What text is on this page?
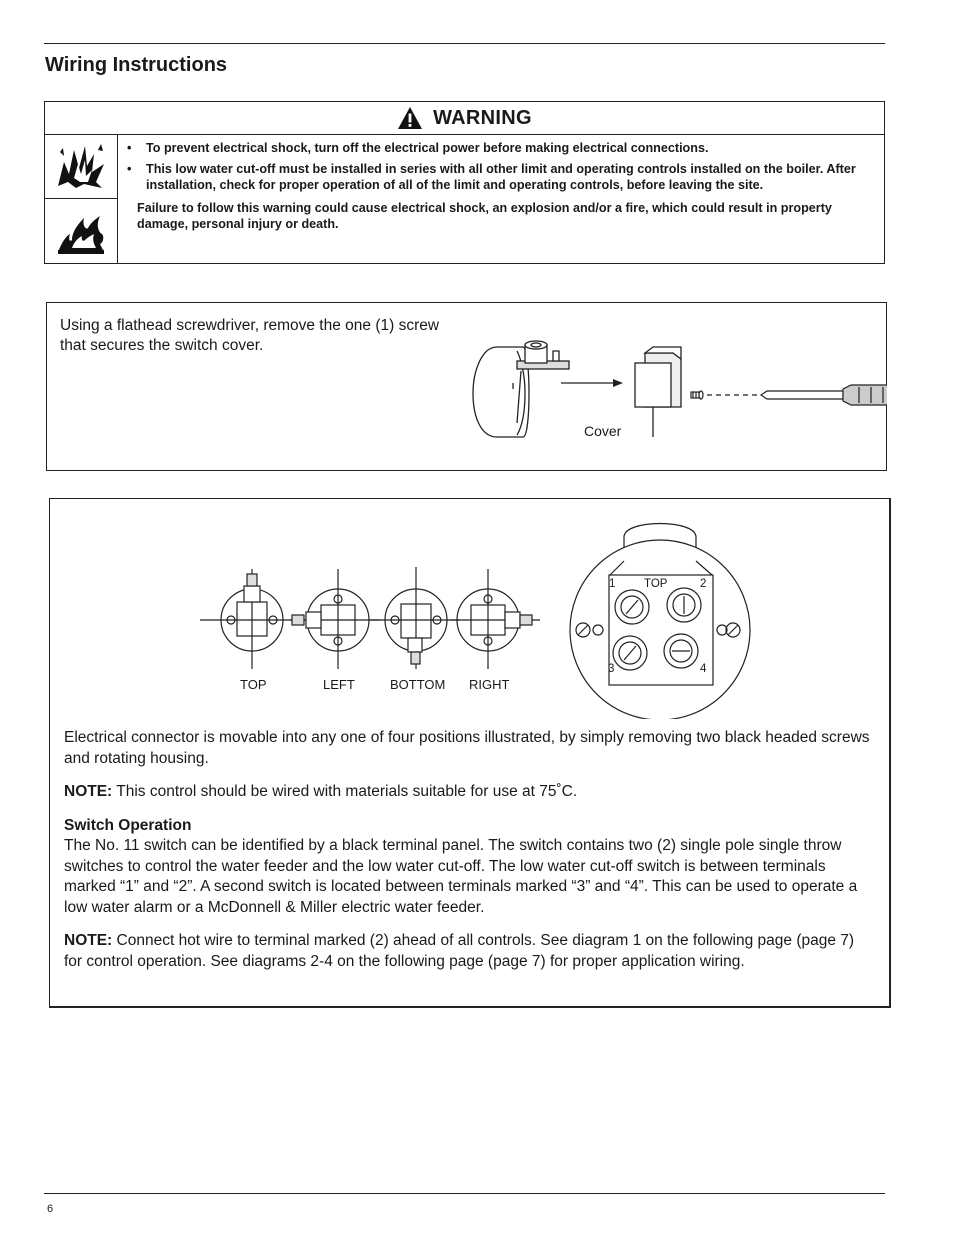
Wiring Instructions
WARNING
•	To prevent electrical shock, turn off the electrical power before making electrical connections.
•	This low water cut-off must be installed in series with all other limit and operating controls installed on the boiler. After installation, check for proper operation of all of the limit and operating controls, before leaving the site.
Failure to follow this warning could cause electrical shock, an explosion and/or a fire, which could result in property damage, personal injury or death.

Using a flathead screwdriver, remove the one (1) screw that secures the switch cover.

Cover
TOP	LEFT	BOTTOM RIGHT
1 TOP	2
3	4

Electrical connector is movable into any one of four positions illustrated, by simply removing two black headed screws and rotating housing.

NOTE: This control should be wired with materials suitable for use at 75˚C.

Switch Operation

The No. 11 switch can be identified by a black terminal panel. The switch contains two (2) single pole single throw switches to control the water feeder and the low water cut-off. The low water cut-off switch is between terminals marked “1” and “2”. A second switch is located between terminals marked “3” and “4”. This can be used to operate a low water alarm or a McDonnell & Miller electric water feeder.

NOTE: Connect hot wire to terminal marked (2) ahead of all controls. See diagram 1 on the following page (page 7) for control operation. See diagrams 2-4 on the following page (page 7) for proper application wiring.

6
